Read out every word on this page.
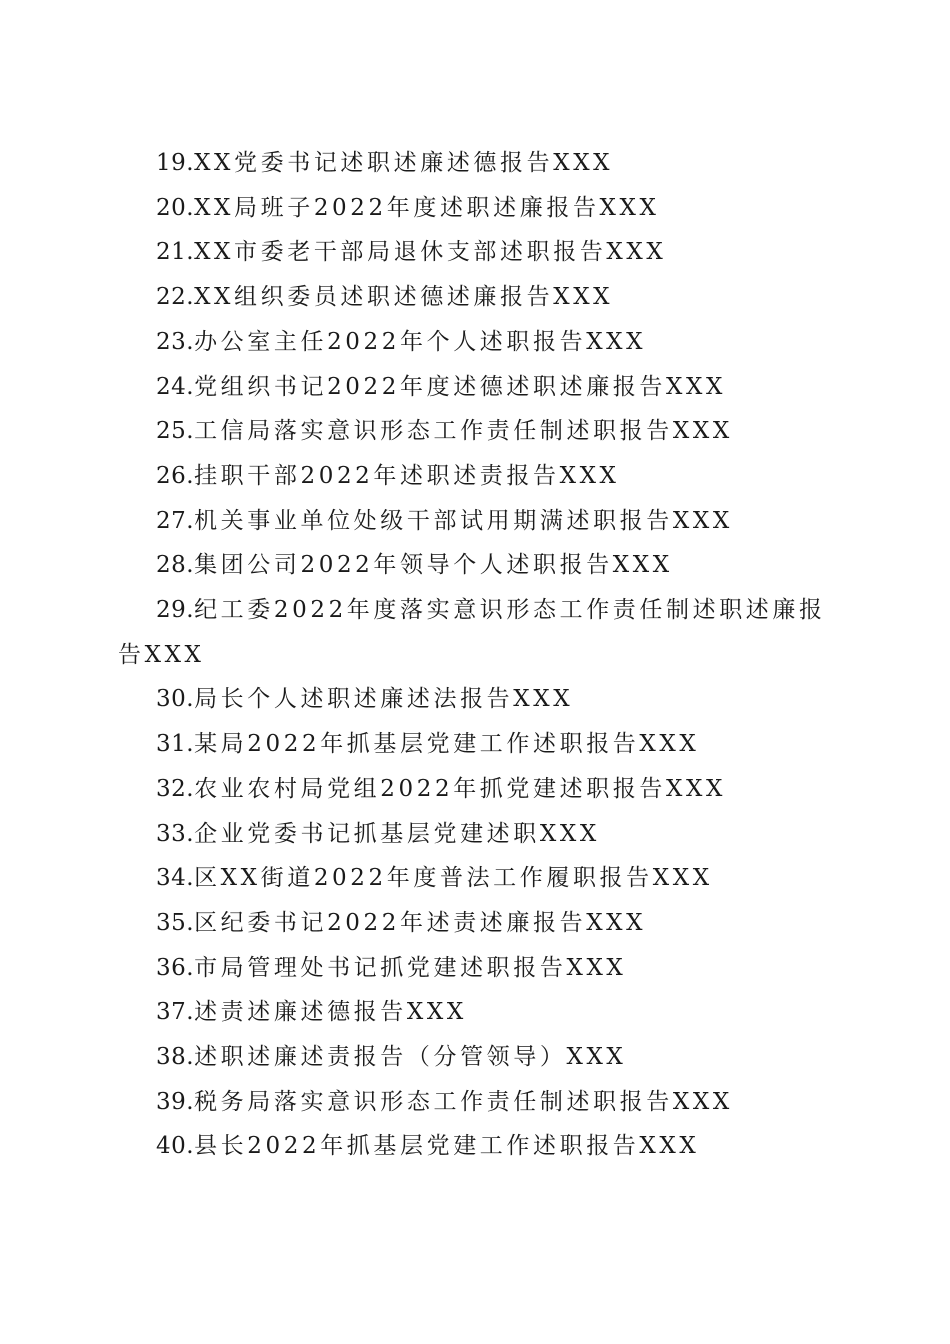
19.XX党委书记述职述廉述德报告XXX
20.XX局班子2022年度述职述廉报告XXX
21.XX市委老干部局退休支部述职报告XXX
22.XX组织委员述职述德述廉报告XXX
23.办公室主任2022年个人述职报告XXX
24.党组织书记2022年度述德述职述廉报告XXX
25.工信局落实意识形态工作责任制述职报告XXX
26.挂职干部2022年述职述责报告XXX
27.机关事业单位处级干部试用期满述职报告XXX
28.集团公司2022年领导个人述职报告XXX
29.纪工委2022年度落实意识形态工作责任制述职述廉报告XXX
30.局长个人述职述廉述法报告XXX
31.某局2022年抓基层党建工作述职报告XXX
32.农业农村局党组2022年抓党建述职报告XXX
33.企业党委书记抓基层党建述职XXX
34.区XX街道2022年度普法工作履职报告XXX
35.区纪委书记2022年述责述廉报告XXX
36.市局管理处书记抓党建述职报告XXX
37.述责述廉述德报告XXX
38.述职述廉述责报告（分管领导）XXX
39.税务局落实意识形态工作责任制述职报告XXX
40.县长2022年抓基层党建工作述职报告XXX
